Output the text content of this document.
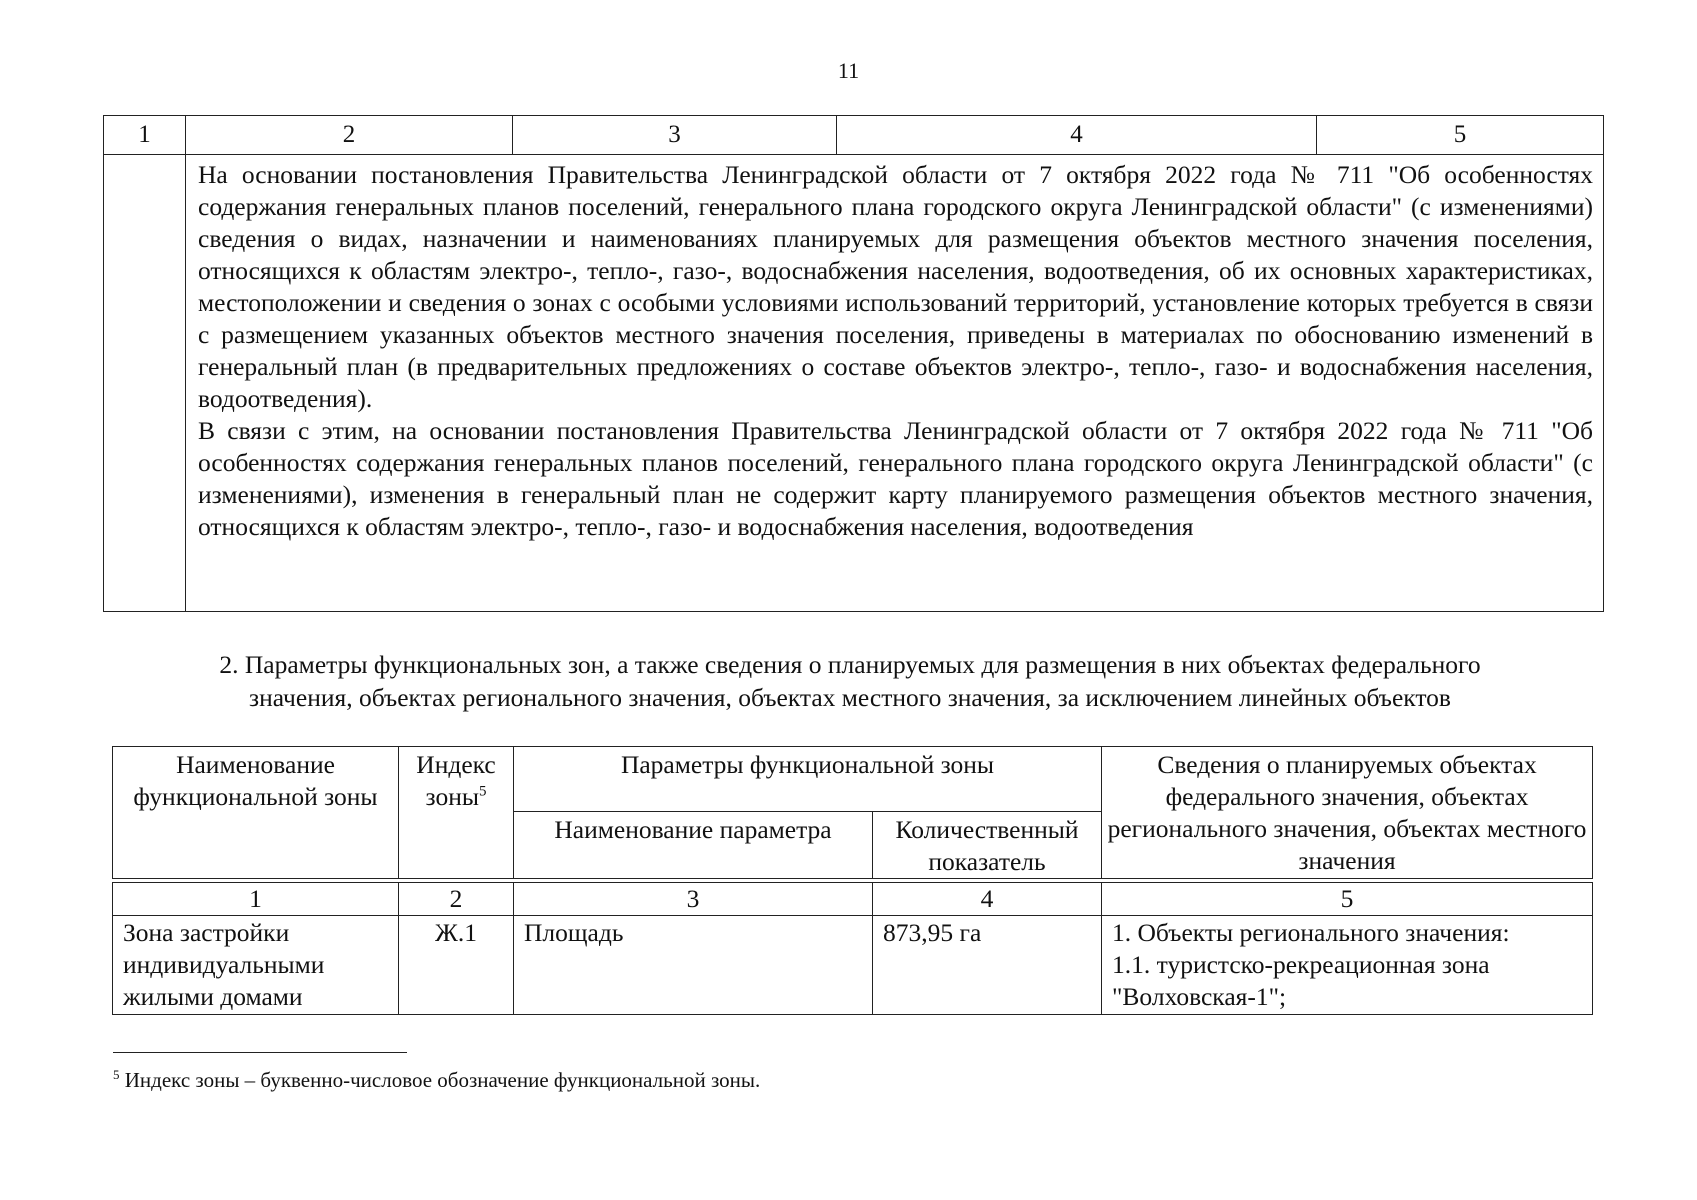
11
1	2	3	4	5

	На основании постановления Правительства Ленинградской области от 7 октября 2022 года № 711 "Об особенностях содержания генеральных планов поселений, генерального плана городского округа Ленинградской области" (с изменениями) сведения о видах, назначении и наименованиях планируемых для размещения объектов местного значения поселения, относящихся к областям электро-, тепло-, газо-, водоснабжения населения, водоотведения, об их основных характеристиках, местоположении и сведения о зонах с особыми условиями использований территорий, установление которых требуется в связи с размещением указанных объектов местного значения поселения, приведены в материалах по обоснованию изменений в генеральный план (в предварительных предложениях о составе объектов электро-, тепло-, газо- и водоснабжения населения, водоотведения).

В связи с этим, на основании постановления Правительства Ленинградской области от 7 октября 2022 года № 711 "Об особенностях содержания генеральных планов поселений, генерального плана городского округа Ленинградской области" (с изменениями), изменения в генеральный план не содержит карту планируемого размещения объектов местного значения, относящихся к областям электро-, тепло-, газо- и водоснабжения населения, водоотведения			

2. Параметры функциональных зон, а также сведения о планируемых для размещения в них объектах федерального
значения, объектах регионального значения, объектах местного значения, за исключением линейных объектов
Наименование функциональной зоны	Индекс зоны$^5$	Параметры функциональной зоны		Сведения о планируемых объектах федерального значения, объектах регионального значения, объектах местного значения
		Наименование параметра	Количественный показатель	

1	2	3	4	5
Зона застройки индивидуальными жилыми домами	Ж.1	Площадь	873,95 га	1. Объекты регионального значения:
1.1. туристско-рекреационная зона "Волховская-1";
$^5$ Индекс зоны – буквенно-числовое обозначение функциональной зоны.
